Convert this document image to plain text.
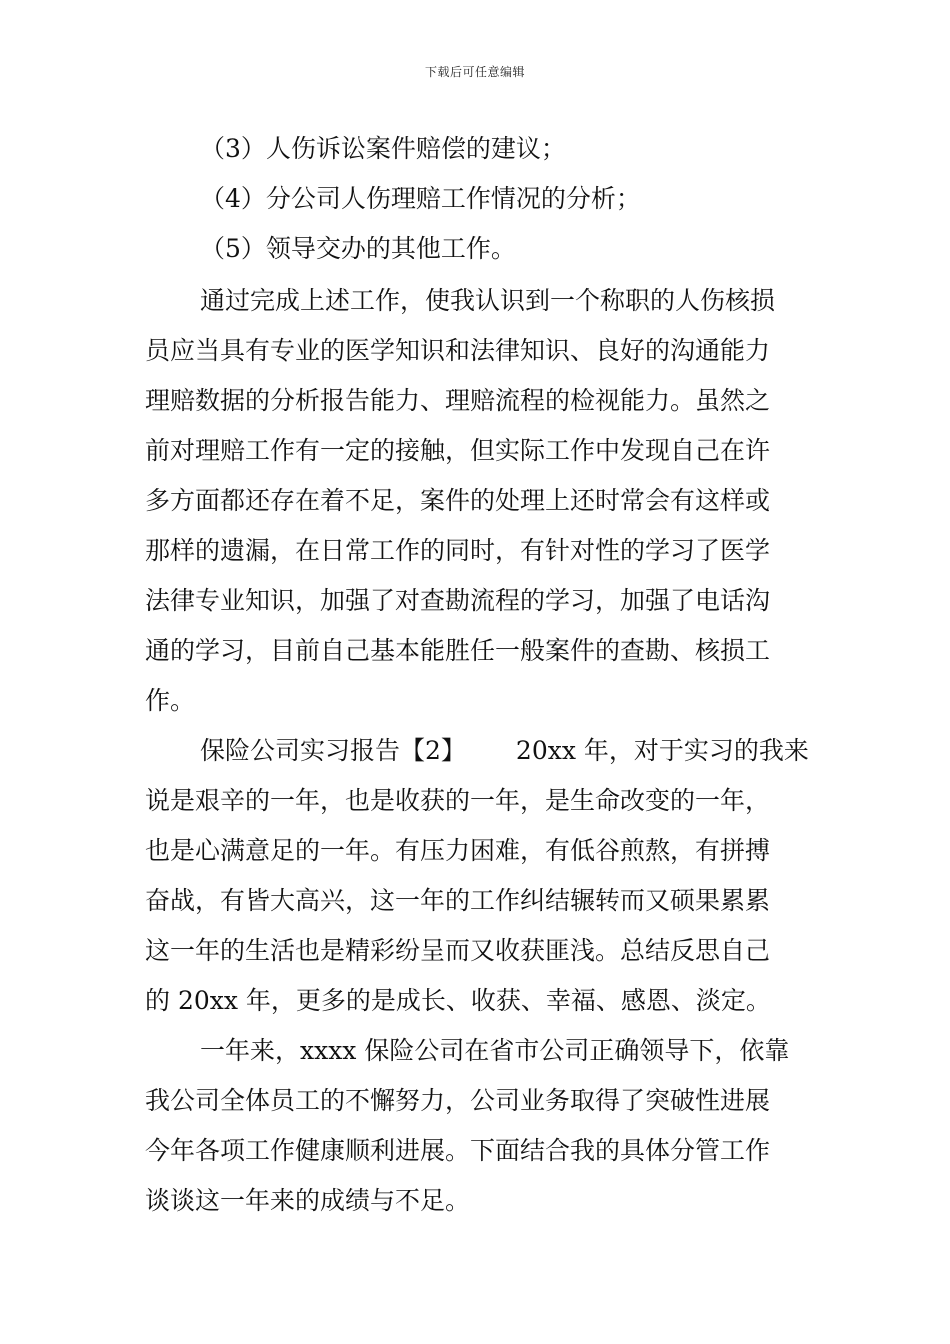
下载后可任意编辑
（3）人伤诉讼案件赔偿的建议；
（4）分公司人伤理赔工作情况的分析；
（5）领导交办的其他工作。
通过完成上述工作，使我认识到一个称职的人伤核损
员应当具有专业的医学知识和法律知识、良好的沟通能力
理赔数据的分析报告能力、理赔流程的检视能力。虽然之
前对理赔工作有一定的接触，但实际工作中发现自己在许
多方面都还存在着不足，案件的处理上还时常会有这样或
那样的遗漏，在日常工作的同时，有针对性的学习了医学
法律专业知识，加强了对查勘流程的学习，加强了电话沟
通的学习，目前自己基本能胜任一般案件的查勘、核损工
作。
保险公司实习报告【2】 20xx 年，对于实习的我来
说是艰辛的一年，也是收获的一年，是生命改变的一年，
也是心满意足的一年。有压力困难，有低谷煎熬，有拼搏
奋战，有皆大高兴，这一年的工作纠结辗转而又硕果累累
这一年的生活也是精彩纷呈而又收获匪浅。总结反思自己
的 20xx 年，更多的是成长、收获、幸福、感恩、淡定。
一年来，xxxx 保险公司在省市公司正确领导下，依靠
我公司全体员工的不懈努力，公司业务取得了突破性进展
今年各项工作健康顺利进展。下面结合我的具体分管工作
谈谈这一年来的成绩与不足。
